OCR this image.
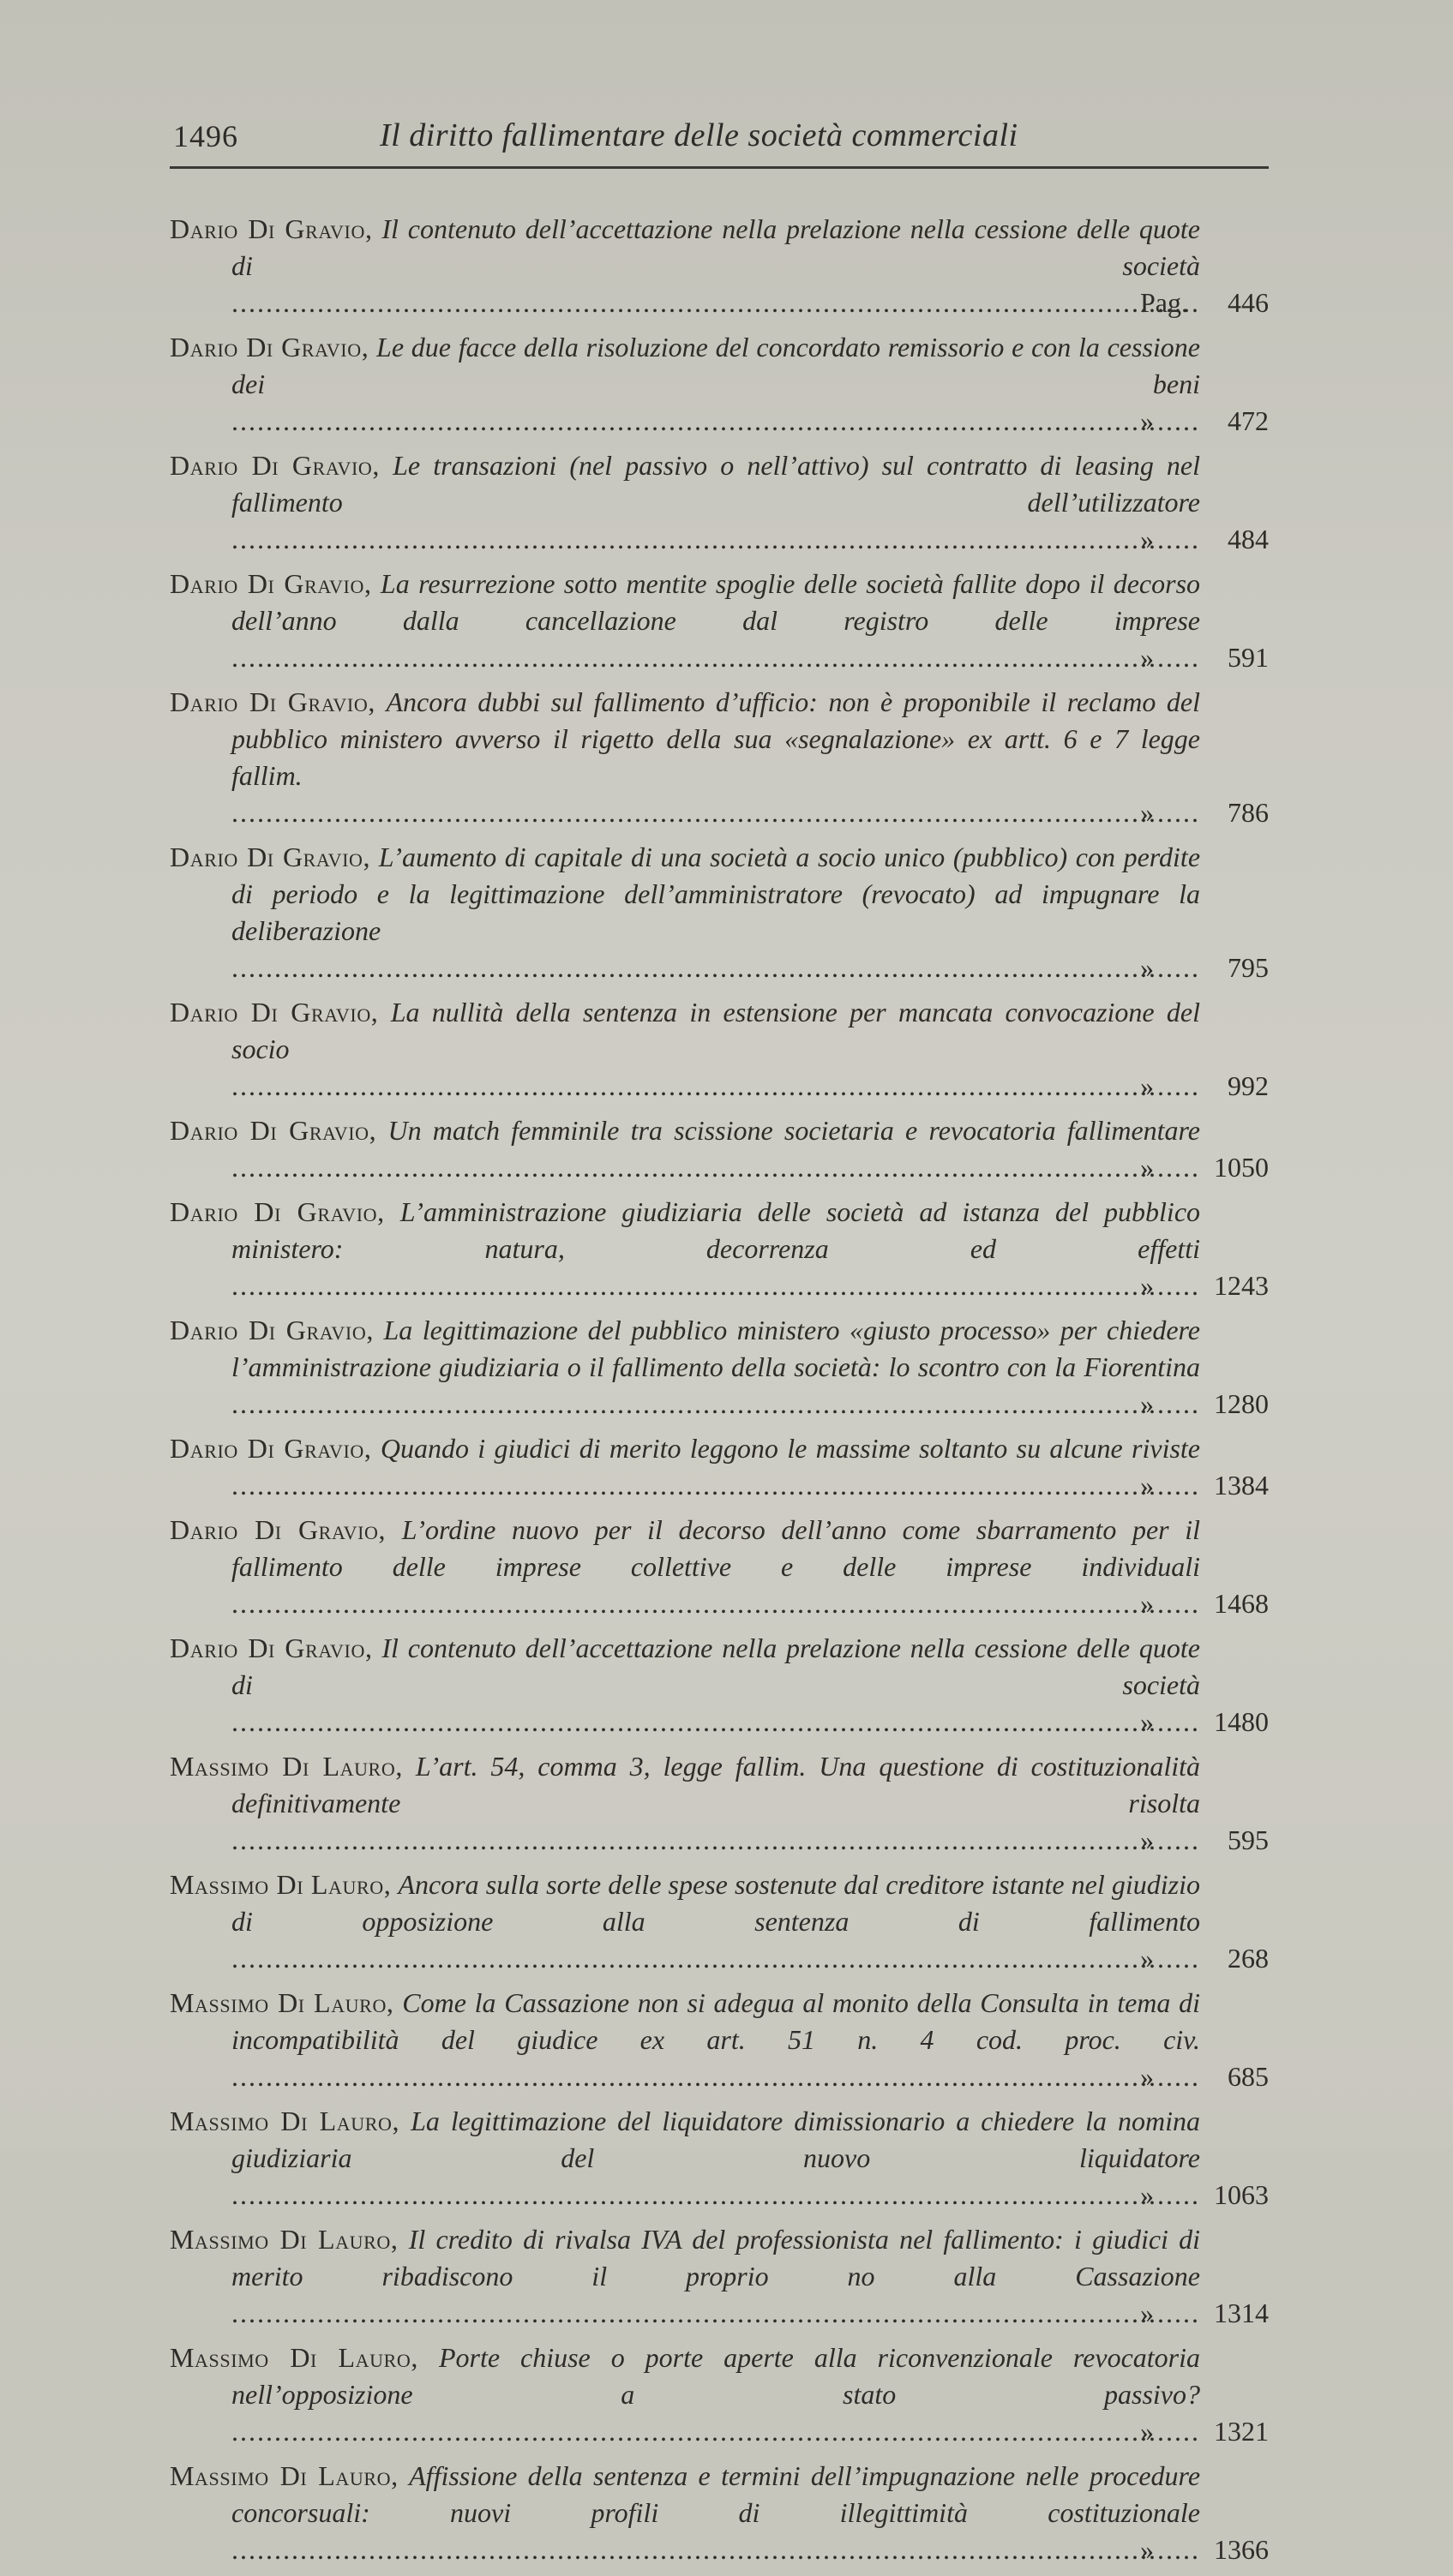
1496	Il diritto fallimentare delle società commerciali
Dario Di Gravio, Il contenuto dell’accettazione nella prelazione nella cessione delle quote di società .....
Pag. 446
Dario Di Gravio, Le due facce della risoluzione del concordato remissorio e con la cessione dei beni .....
»	472
Dario Di Gravio, Le transazioni (nel passivo o nell’attivo) sul contratto di leasing nel fallimento dell’utilizzatore .....
»	484
Dario Di Gravio, La resurrezione sotto mentite spoglie delle società fallite dopo il decorso dell’anno dalla cancellazione dal registro delle imprese .....
»	591
Dario Di Gravio, Ancora dubbi sul fallimento d’ufficio: non è proponibile il reclamo del pubblico ministero avverso il rigetto della sua «segnalazione» ex artt. 6 e 7 legge fallim. .....
»	786
Dario Di Gravio, L’aumento di capitale di una società a socio unico (pubblico) con perdite di periodo e la legittimazione dell’amministratore (revocato) ad impugnare la deliberazione .....
»	795
Dario Di Gravio, La nullità della sentenza in estensione per mancata convocazione del socio .....
»	992
Dario Di Gravio, Un match femminile tra scissione societaria e revocatoria fallimentare .....
» 1050
Dario Di Gravio, L’amministrazione giudiziaria delle società ad istanza del pubblico ministero: natura, decorrenza ed effetti .....
» 1243
Dario Di Gravio, La legittimazione del pubblico ministero «giusto processo» per chiedere l’amministrazione giudiziaria o il fallimento della società: lo scontro con la Fiorentina .....
» 1280
Dario Di Gravio, Quando i giudici di merito leggono le massime soltanto su alcune riviste .....
» 1384
Dario Di Gravio, L’ordine nuovo per il decorso dell’anno come sbarramento per il fallimento delle imprese collettive e delle imprese individuali .....
» 1468
Dario Di Gravio, Il contenuto dell’accettazione nella prelazione nella cessione delle quote di società .....
» 1480
Massimo Di Lauro, L’art. 54, comma 3, legge fallim. Una questione di costituzionalità definitivamente risolta .....
»	595
Massimo Di Lauro, Ancora sulla sorte delle spese sostenute dal creditore istante nel giudizio di opposizione alla sentenza di fallimento .....
»	268
Massimo Di Lauro, Come la Cassazione non si adegua al monito della Consulta in tema di incompatibilità del giudice ex art. 51 n. 4 cod. proc. civ. .....
»	685
Massimo Di Lauro, La legittimazione del liquidatore dimissionario a chiedere la nomina giudiziaria del nuovo liquidatore .....
» 1063
Massimo Di Lauro, Il credito di rivalsa IVA del professionista nel fallimento: i giudici di merito ribadiscono il proprio no alla Cassazione .....
» 1314
Massimo Di Lauro, Porte chiuse o porte aperte alla riconvenzionale revocatoria nell’opposizione a stato passivo? .....
» 1321
Massimo Di Lauro, Affissione della sentenza e termini dell’impugnazione nelle procedure concorsuali: nuovi profili di illegittimità costituzionale .....
» 1366
